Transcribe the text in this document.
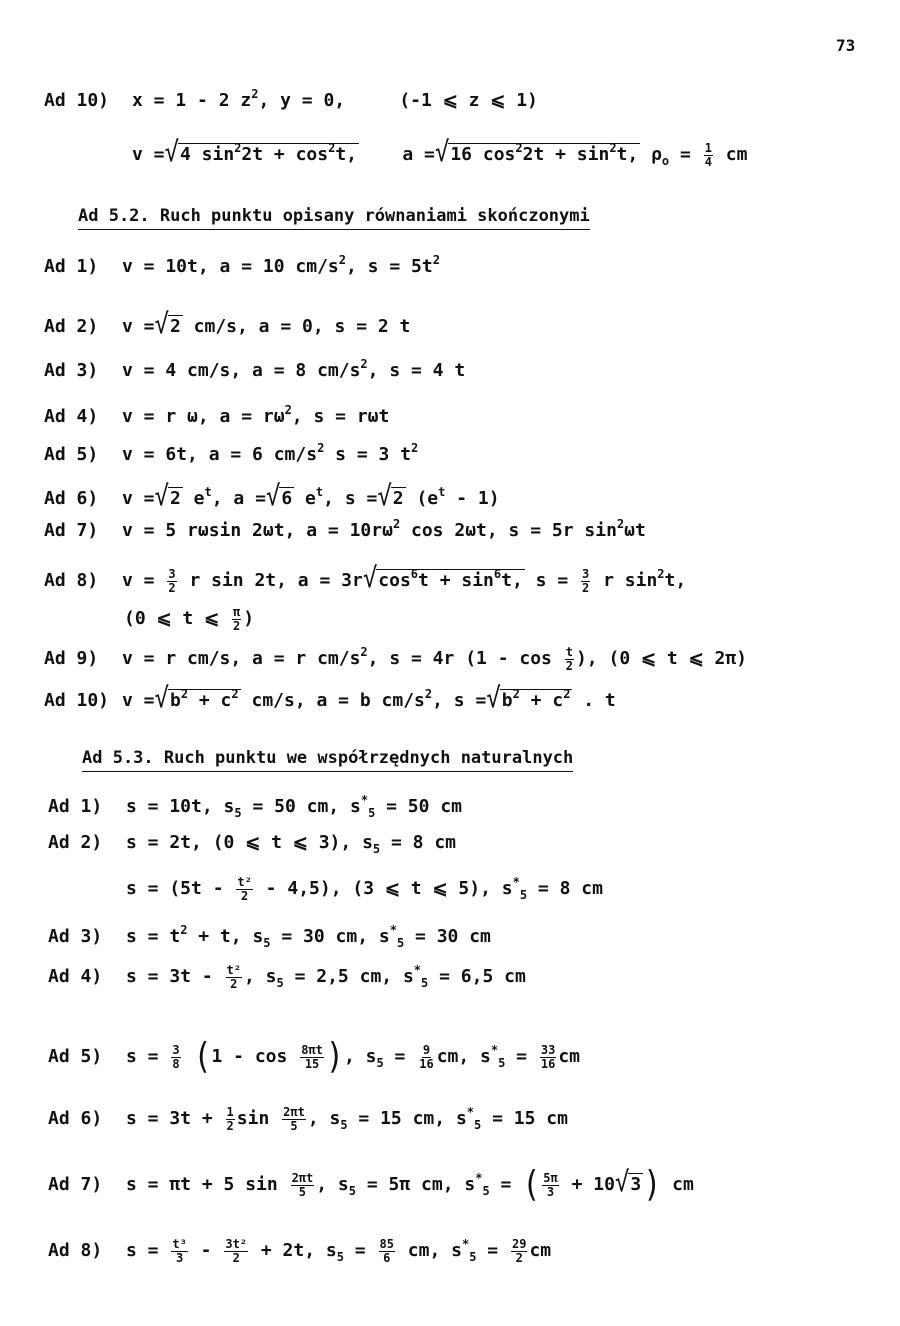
73
Ad 10) x = 1 - 2 $z^2$, y = 0,	(-1 ⩽ z ⩽ 1)
v =√4 $\sin^22t + \cos^2t$,	a =√16 $\cos^22t + \sin^2t$, $\rho_o = \frac{1}{4}$ cm
Ad 5.2. Ruch punktu opisany równaniami skończonymi
Ad 1) v = 10t, a = 10 $cm/s^2$, $s = 5t^2$
Ad 2) v =√2 cm/s, a = 0, s = 2 t
Ad 3) v = 4 cm/s, a = 8 $cm/s^2$, s = 4 t
Ad 4) v = r ω, $a = r\omega^2$, s = rωt
Ad 5) v = 6t, a = 6 $cm/s^2$ s = 3 $t^2$
Ad 6) v =√2 $e^t$, a =√6 $e^t$, s =√2 $(e^t - 1)$
Ad 7) v = 5 rωsin 2ωt, $a = 10r\omega^2$ cos 2ωt, s = 5r $\sin^2\omega t$
Ad 8) $v = \frac{3}{2}$ r sin 2t, $a = 3r√\cos^6t + \sin^6t$, $s = \frac{3}{2}$ r $\sin^2t$,
(0 ⩽ t ⩽ $\frac{\pi}{2}$ )
Ad 9) v = r cm/s, a = r $cm/s^2$, s = 4r ($1 - \cos \frac{t}{2}$ ), (0 ⩽ t ⩽ 2π)
Ad 10) $v =√b^2 + c^2$ cm/s, a = b $cm/s^2$, $s =√b^2 + c^2$ . t
Ad 5.3. Ruch punktu we współrzędnych naturalnych
Ad 1) s = 10t, $s_5 = 50$ cm, $s^*_5 = 50$ cm
Ad 2) s = 2t, (0 ⩽ t ⩽ 3), $s_5 = 8$ cm
$s = (5t - \frac{\text{t²}}{2} - 4,5)$, (3 ⩽ t ⩽ 5), $s^*_5 = 8$ cm
Ad 3) $s = t^2 + t$, $s_5 = 30$ cm, $s^*_5 = 30$ cm
Ad 4) $s = 3t - \frac{\text{t²}}{2}$ , $s_5 = 2,5$ cm, $s^*_5 = 6,5$ cm
Ad 5) $s = \frac{3}{8} (1 - \cos \frac{8\pi t}{15}$ ), $s_5 = \frac{9}{16}$ cm, $s^*_5 = \frac{33}{16}$ cm
Ad 6) $s = 3t + \frac{1}{2}$ $\sin \frac{2\pi t}{5}$ , $s_5 = 15$ cm, $s^*_5 = 15$ cm
Ad 7) s = πt + 5 $\sin \frac{2\pi t}{5}$ , $s_5 = 5\pi$ cm, $s^*_5$ = ( $\frac{5\pi}{3} + 10√3$) cm
Ad 8) $s = \frac{\text{t³}}{3} - \frac{\text{3t²}}{2} + 2t$, $s_5 = \frac{85}{6}$ cm, $s^*_5 = \frac{29}{2}$ cm
